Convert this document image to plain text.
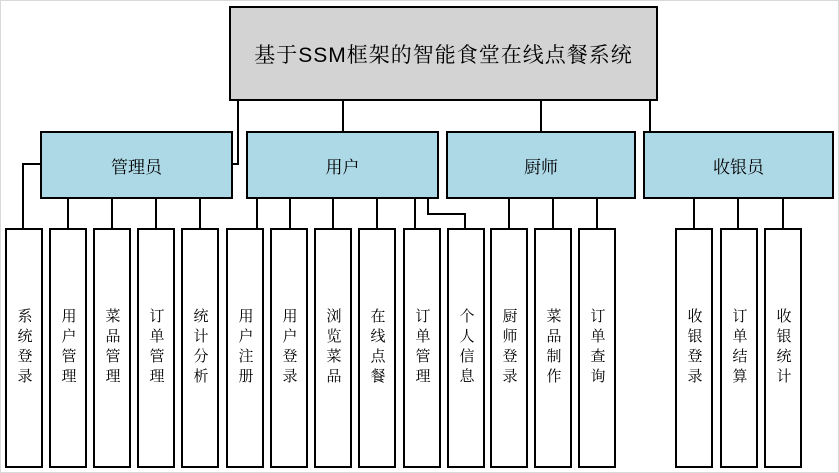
基于SSM框架的智能食堂在线点餐系统
管理员	用户	厨师	收银员
系统登录 用户管理 菜品管理 订单管理 统计分析 用户注册 用户登录 浏览菜品 在线点餐 订单管理 个人信息 厨师登录 菜品制作 订单查询	收银登录 订单结算 收银统计
